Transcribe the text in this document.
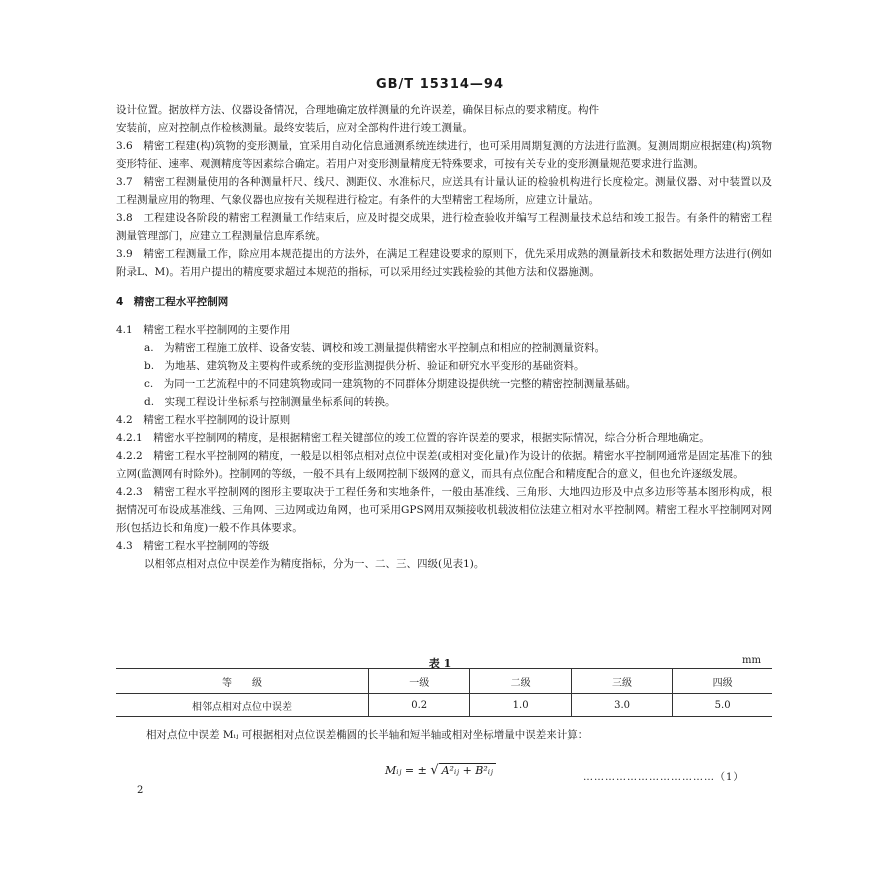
GB/T 15314—94
设计位置。据放样方法、仪器设备情况，合理地确定放样测量的允许误差，确保目标点的要求精度。构件
安装前，应对控制点作检核测量。最终安装后，应对全部构件进行竣工测量。
3.6　精密工程建(构)筑物的变形测量，宜采用自动化信息通测系统连续进行，也可采用周期复测的方法进行监测。复测周期应根据建(构)筑物变形特征、速率、观测精度等因素综合确定。若用户对变形测量精度无特殊要求，可按有关专业的变形测量规范要求进行监测。
3.7　精密工程测量使用的各种测量杆尺、线尺、测距仪、水准标尺，应送具有计量认证的检验机构进行长度检定。测量仪器、对中装置以及工程测量应用的物理、气象仪器也应按有关规程进行检定。有条件的大型精密工程场所，应建立计量站。
3.8　工程建设各阶段的精密工程测量工作结束后，应及时提交成果，进行检查验收并编写工程测量技术总结和竣工报告。有条件的精密工程测量管理部门，应建立工程测量信息库系统。
3.9　精密工程测量工作，除应用本规范提出的方法外，在满足工程建设要求的原则下，优先采用成熟的测量新技术和数据处理方法进行(例如附录L、M)。若用户提出的精度要求超过本规范的指标，可以采用经过实践检验的其他方法和仪器施测。
4　精密工程水平控制网
4.1　精密工程水平控制网的主要作用
a.　为精密工程施工放样、设备安装、调校和竣工测量提供精密水平控制点和相应的控制测量资料。
b.　为地基、建筑物及主要构件或系统的变形监测提供分析、验证和研究水平变形的基础资料。
c.　为同一工艺流程中的不同建筑物或同一建筑物的不同群体分期建设提供统一完整的精密控制测量基础。
d.　实现工程设计坐标系与控制测量坐标系间的转换。
4.2　精密工程水平控制网的设计原则
4.2.1　精密水平控制网的精度，是根据精密工程关键部位的竣工位置的容许误差的要求，根据实际情况，综合分析合理地确定。
4.2.2　精密工程水平控制网的精度，一般是以相邻点相对点位中误差(或相对变化量)作为设计的依据。精密水平控制网通常是固定基准下的独立网(监测网有时除外)。控制网的等级，一般不具有上级网控制下级网的意义，而具有点位配合和精度配合的意义，但也允许逐级发展。
4.2.3　精密工程水平控制网的图形主要取决于工程任务和实地条件，一般由基准线、三角形、大地四边形及中点多边形等基本图形构成，根据情况可布设成基准线、三角网、三边网或边角网，也可采用GPS网用双频接收机载波相位法建立相对水平控制网。精密工程水平控制网对网形(包括边长和角度)一般不作具体要求。
4.3　精密工程水平控制网的等级
以相邻点相对点位中误差作为精度指标，分为一、二、三、四级(见表1)。
表 1	mm
等　　级	一级	二级	三级	四级
相邻点相对点位中误差	0.2	1.0	3.0	5.0
相对点位中误差 Mᵢⱼ 可根据相对点位误差椭圆的长半轴和短半轴或相对坐标增量中误差来计算：
Mᵢⱼ = ± √ A²ᵢⱼ + B²ᵢⱼ
………………………………（1）
2
